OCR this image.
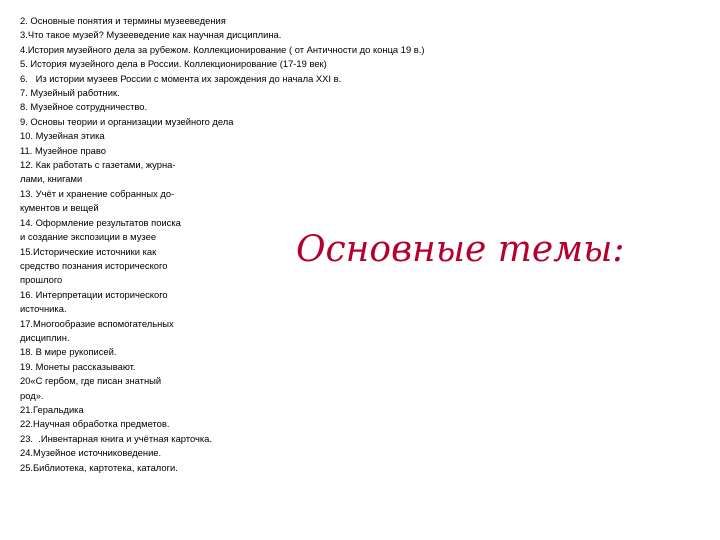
2. Основные понятия и термины музееведения
3.Что такое музей? Музееведение как научная дисциплина.
4.История музейного дела за рубежом. Коллекционирование ( от Античности до конца 19 в.)
5. История музейного дела в России. Коллекционирование (17-19 век)
6.   Из истории музеев России с момента их зарождения до начала XXI в.
7. Музейный работник.
8. Музейное сотрудничество.
9. Основы теории и организации музейного дела
10. Музейная этика
11. Музейное право
12. Как работать с газетами, журна-
лами, книгами
13. Учёт и хранение собранных до-
кументов и вещей
14. Оформление результатов поиска
и создание экспозиции в музее
15.Исторические источники как
средство познания исторического
прошлого
16. Интерпретации исторического
источника.
17.Многообразие вспомогательных
дисциплин.
18. В мире рукописей.
19. Монеты рассказывают.
20«С гербом, где писан знатный
род».
21.Геральдика
22.Научная обработка предметов.
23.  .Инвентарная книга и учётная карточка.
24.Музейное источниковедение.
25.Библиотека, картотека, каталоги.
Основные темы:
